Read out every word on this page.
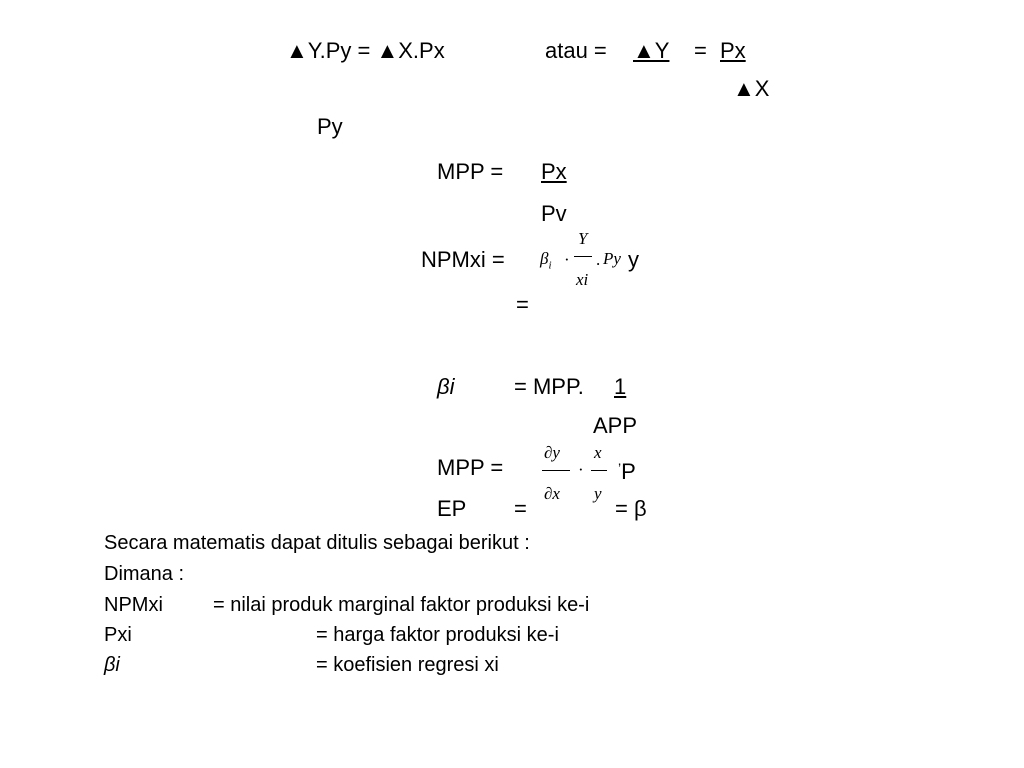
▲Y.Py = ▲X.Px	atau = ▲Y = Px
▲X
Py
MPP = Px
Pv
NPMxi = $\beta_i$ ·
Y
xi
. Py y
=
βi	= MPP. 1
APP
MPP =
∂y
∂x
·
x
y
’P
EP =	= β
Secara matematis dapat ditulis sebagai berikut :
Dimana :
NPMxi	= nilai produk marginal faktor produksi ke-i
Pxi	= harga faktor produksi ke-i
βi	= koefisien regresi xi
